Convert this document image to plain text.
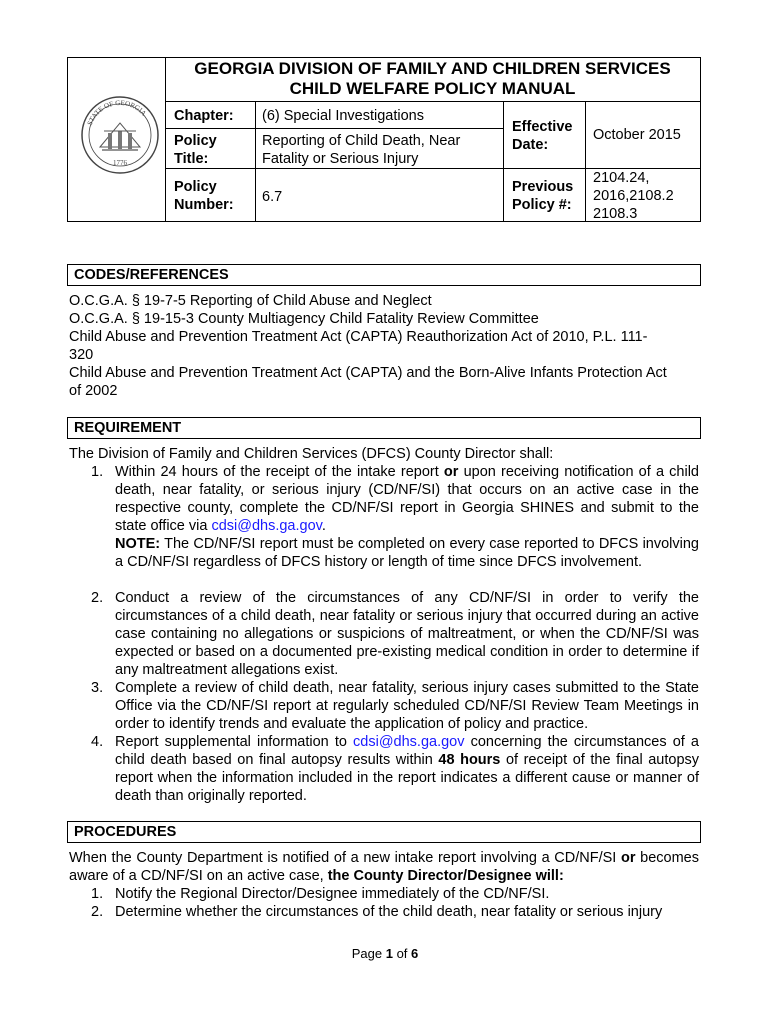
STATE OF GEORGIA
1776
GEORGIA DIVISION OF FAMILY AND CHILDREN SERVICES
CHILD WELFARE POLICY MANUAL
Chapter: (6) Special Investigations
Policy
Title:
Reporting of Child Death, Near
Fatality or Serious Injury
Effective
Date:
October 2015
Policy
Number: 6.7
Previous
Policy #:
2104.24,
2016,2108.2
2108.3
CODES/REFERENCES
O.C.G.A. § 19-7-5 Reporting of Child Abuse and Neglect
O.C.G.A. § 19-15-3 County Multiagency Child Fatality Review Committee
Child Abuse and Prevention Treatment Act (CAPTA) Reauthorization Act of 2010, P.L. 111-
320
Child Abuse and Prevention Treatment Act (CAPTA) and the Born-Alive Infants Protection Act
of 2002
REQUIREMENT
The Division of Family and Children Services (DFCS) County Director shall:
1. Within 24 hours of the receipt of the intake report or upon receiving notification of a child death, near fatality, or serious injury (CD/NF/SI) that occurs on an active case in the respective county, complete the CD/NF/SI report in Georgia SHINES and submit to the state office via cdsi@dhs.ga.gov.
NOTE: The CD/NF/SI report must be completed on every case reported to DFCS involving a CD/NF/SI regardless of DFCS history or length of time since DFCS involvement.
2. Conduct a review of the circumstances of any CD/NF/SI in order to verify the circumstances of a child death, near fatality or serious injury that occurred during an active case containing no allegations or suspicions of maltreatment, or when the CD/NF/SI was expected or based on a documented pre-existing medical condition in order to determine if any maltreatment allegations exist.
3. Complete a review of child death, near fatality, serious injury cases submitted to the State Office via the CD/NF/SI report at regularly scheduled CD/NF/SI Review Team Meetings in order to identify trends and evaluate the application of policy and practice.
4. Report supplemental information to cdsi@dhs.ga.gov concerning the circumstances of a child death based on final autopsy results within 48 hours of receipt of the final autopsy report when the information included in the report indicates a different cause or manner of death than originally reported.
PROCEDURES
When the County Department is notified of a new intake report involving a CD/NF/SI or becomes aware of a CD/NF/SI on an active case, the County Director/Designee will:
1. Notify the Regional Director/Designee immediately of the CD/NF/SI.
2. Determine whether the circumstances of the child death, near fatality or serious injury
Page 1 of 6
